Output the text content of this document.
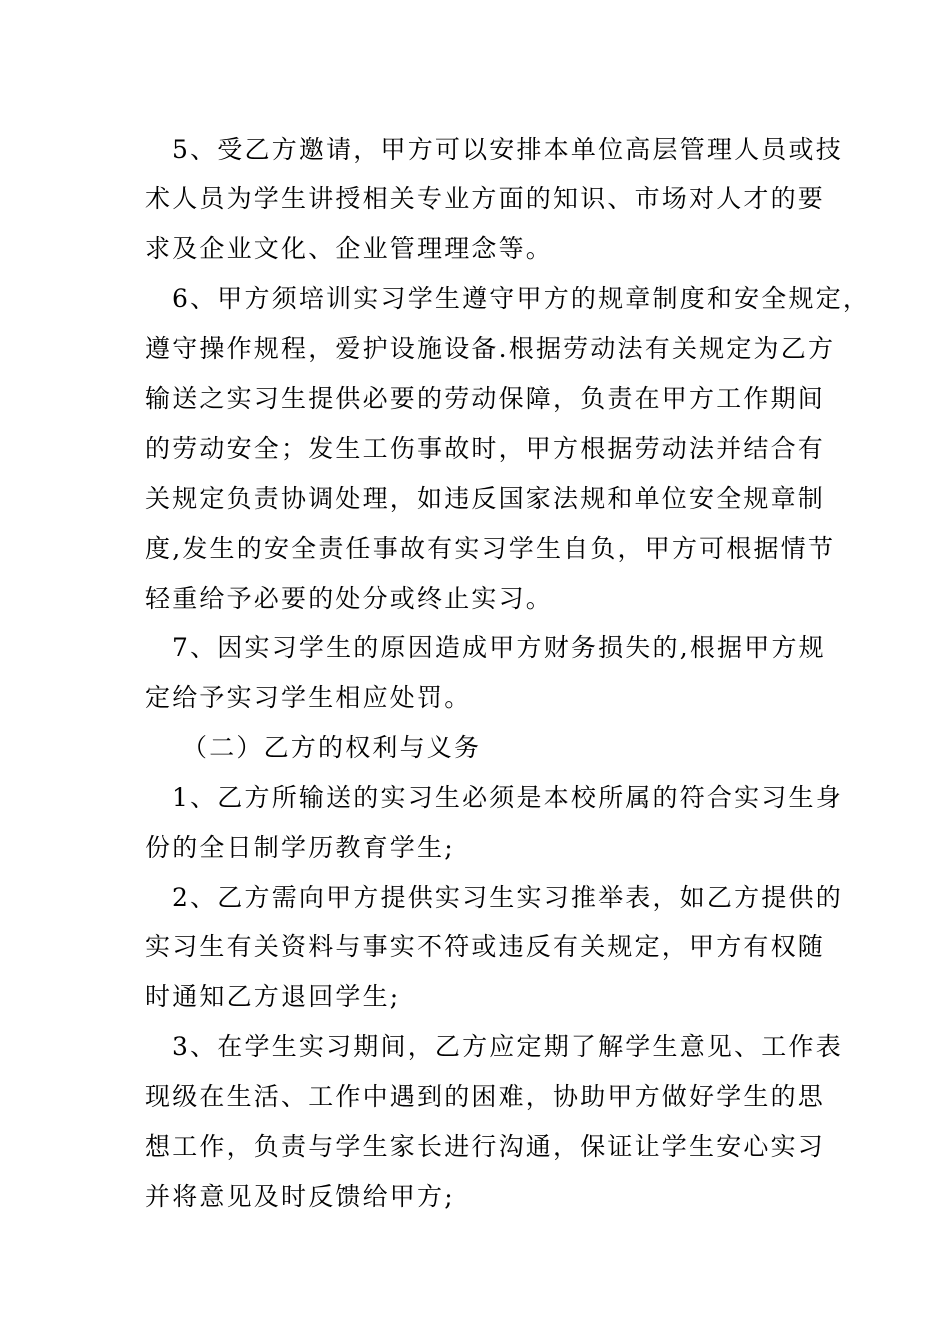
5、受乙方邀请，甲方可以安排本单位高层管理人员或技
术人员为学生讲授相关专业方面的知识、市场对人才的要
求及企业文化、企业管理理念等。
6、甲方须培训实习学生遵守甲方的规章制度和安全规定，
遵守操作规程，爱护设施设备.根据劳动法有关规定为乙方
输送之实习生提供必要的劳动保障，负责在甲方工作期间
的劳动安全；发生工伤事故时，甲方根据劳动法并结合有
关规定负责协调处理，如违反国家法规和单位安全规章制
度,发生的安全责任事故有实习学生自负，甲方可根据情节
轻重给予必要的处分或终止实习。
7、因实习学生的原因造成甲方财务损失的,根据甲方规
定给予实习学生相应处罚。
（二）乙方的权利与义务
1、乙方所输送的实习生必须是本校所属的符合实习生身
份的全日制学历教育学生;
2、乙方需向甲方提供实习生实习推举表，如乙方提供的
实习生有关资料与事实不符或违反有关规定，甲方有权随
时通知乙方退回学生;
3、在学生实习期间，乙方应定期了解学生意见、工作表
现级在生活、工作中遇到的困难，协助甲方做好学生的思
想工作，负责与学生家长进行沟通，保证让学生安心实习
并将意见及时反馈给甲方;
